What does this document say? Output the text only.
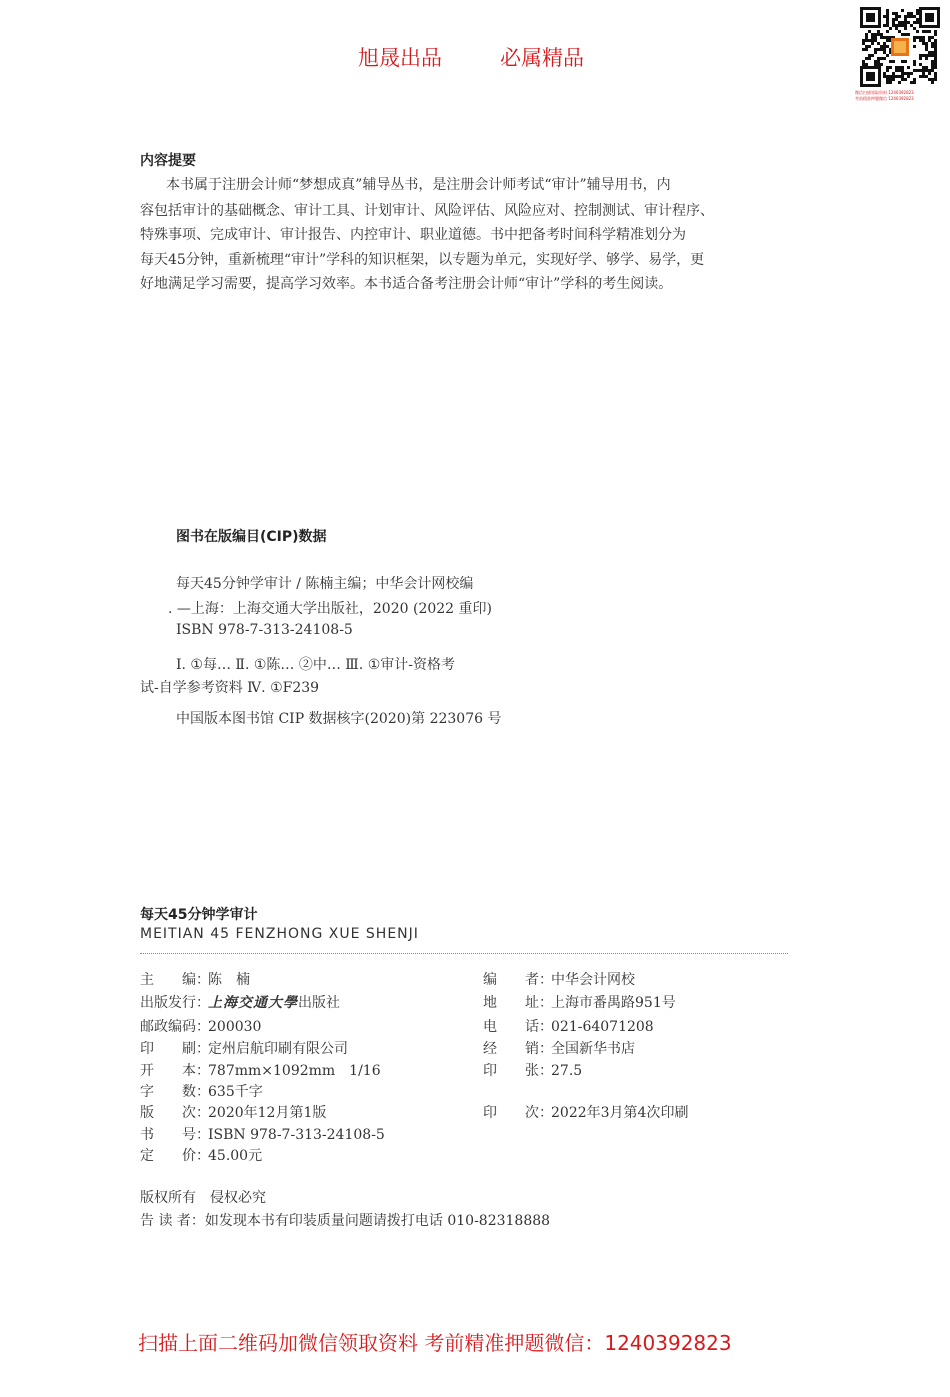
旭晟出品	必属精品
微信扫描领取资料 1240392823
考前精准押题微信 1240392823
内容提要
本书属于注册会计师“梦想成真”辅导丛书，是注册会计师考试“审计”辅导用书，内
容包括审计的基础概念、审计工具、计划审计、风险评估、风险应对、控制测试、审计程序、
特殊事项、完成审计、审计报告、内控审计、职业道德。书中把备考时间科学精准划分为
每天45分钟，重新梳理“审计”学科的知识框架，以专题为单元，实现好学、够学、易学，更
好地满足学习需要，提高学习效率。本书适合备考注册会计师“审计”学科的考生阅读。
图书在版编目(CIP)数据
每天45分钟学审计 / 陈楠主编；中华会计网校编
. —上海：上海交通大学出版社，2020 (2022 重印)
ISBN 978-7-313-24108-5
Ⅰ. ①每… Ⅱ. ①陈… ②中… Ⅲ. ①审计-资格考
试-自学参考资料 Ⅳ. ①F239
中国版本图书馆 CIP 数据核字(2020)第 223076 号
每天45分钟学审计
MEITIAN 45 FENZHONG XUE SHENJI
主　　编：陈　楠
出版发行：上海交通大學出版社
邮政编码：200030
印　　刷：定州启航印刷有限公司
开　　本：787mm×1092mm　1/16
字　　数：635千字
版　　次：2020年12月第1版
书　　号：ISBN 978-7-313-24108-5
定　　价：45.00元
编　　者：中华会计网校
地　　址：上海市番禺路951号
电　　话：021-64071208
经　　销：全国新华书店
印　　张：27.5
印　　次：2022年3月第4次印刷
版权所有　侵权必究
告 读 者：如发现本书有印装质量问题请拨打电话 010-82318888
扫描上面二维码加微信领取资料 考前精准押题微信：1240392823
